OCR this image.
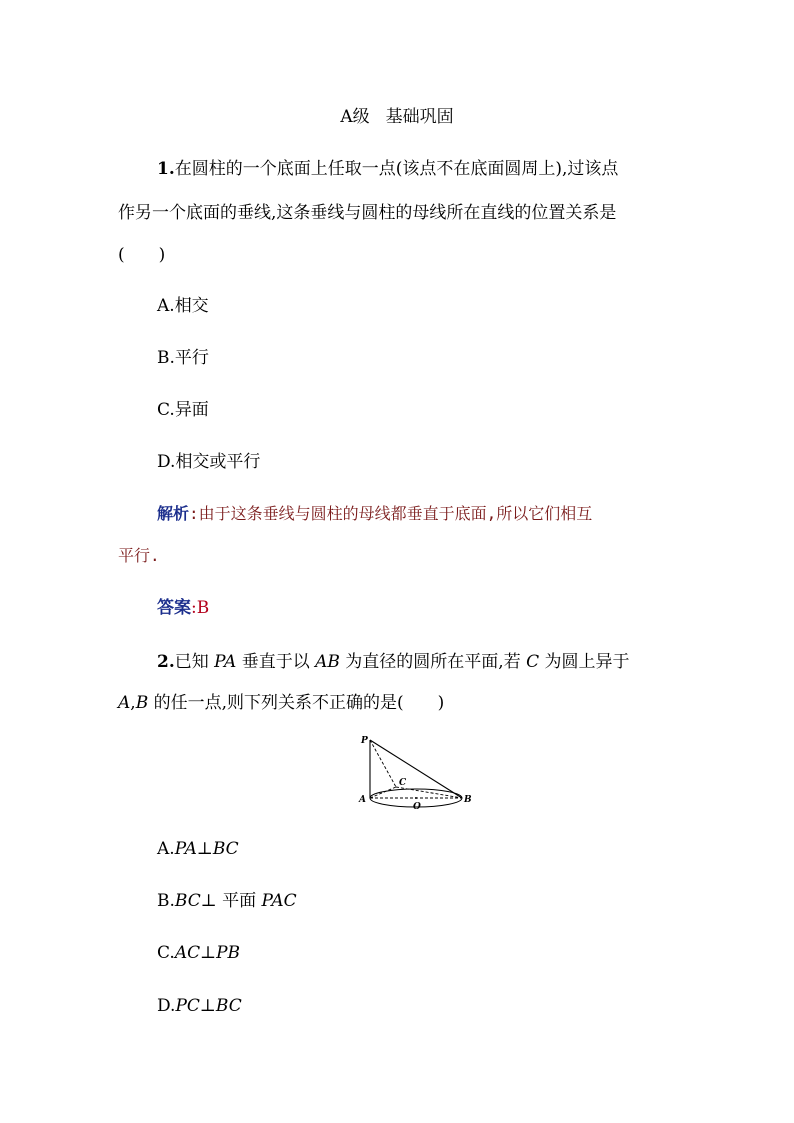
A级 基础巩固
1.在圆柱的一个底面上任取一点(该点不在底面圆周上),过该点
作另一个底面的垂线,这条垂线与圆柱的母线所在直线的位置关系是
(　　)
A.相交
B.平行
C.异面
D.相交或平行
解析:由于这条垂线与圆柱的母线都垂直于底面,所以它们相互
平行.
答案:B
2.已知 PA 垂直于以 AB 为直径的圆所在平面,若 C 为圆上异于
A,B 的任一点,则下列关系不正确的是(　　)
P
A	B
C
O
A.PA⊥BC
B.BC⊥ 平面 PAC
C.AC⊥PB
D.PC⊥BC
